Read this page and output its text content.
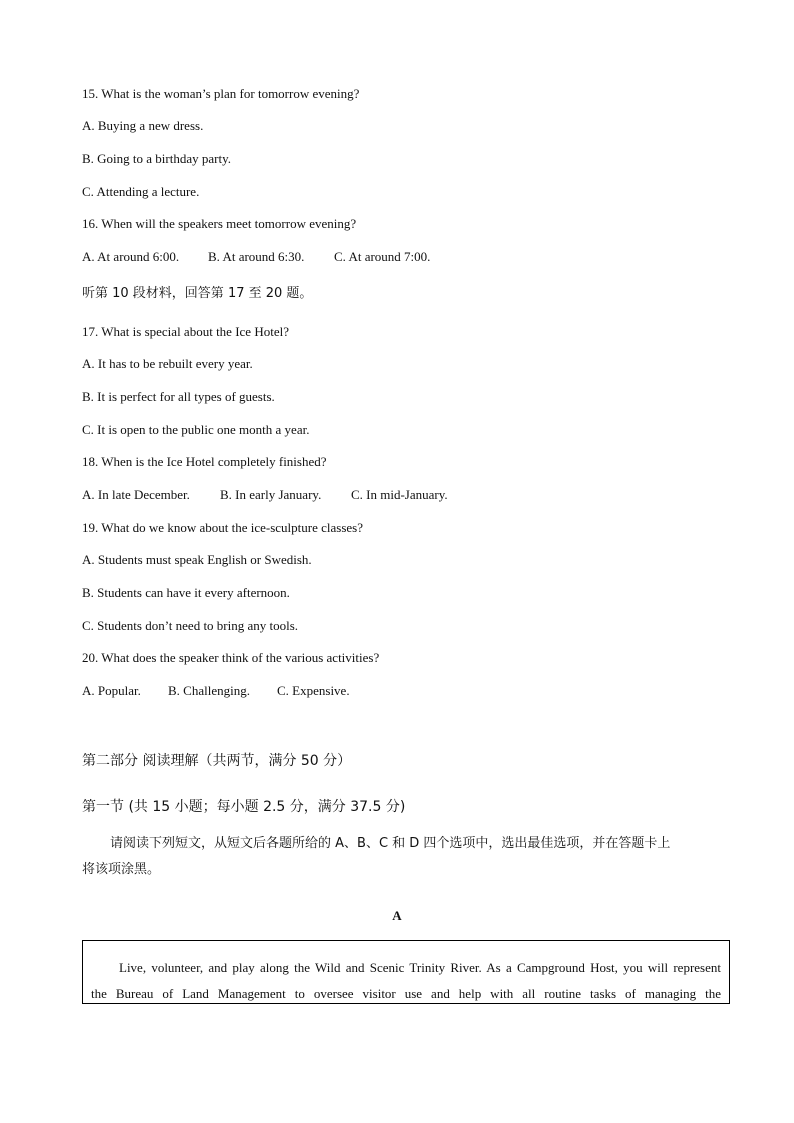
15. What is the woman’s plan for tomorrow evening?
A. Buying a new dress.
B. Going to a birthday party.
C. Attending a lecture.
16. When will the speakers meet tomorrow evening?
A. At around 6:00. B. At around 6:30. C. At around 7:00.
听第 10 段材料，回答第 17 至 20 题。
17. What is special about the Ice Hotel?
A. It has to be rebuilt every year.
B. It is perfect for all types of guests.
C. It is open to the public one month a year.
18. When is the Ice Hotel completely finished?
A. In late December. B. In early January. C. In mid-January.
19. What do we know about the ice-sculpture classes?
A. Students must speak English or Swedish.
B. Students can have it every afternoon.
C. Students don’t need to bring any tools.
20. What does the speaker think of the various activities?
A. Popular. B. Challenging. C. Expensive.
第二部分 阅读理解（共两节，满分 50 分）
第一节 (共 15 小题；每小题 2.5 分，满分 37.5 分)
请阅读下列短文，从短文后各题所给的 A、B、C 和 D 四个选项中，选出最佳选项，并在答题卡上
将该项涂黑。
A

Live, volunteer, and play along the Wild and Scenic Trinity River. As a Campground Host, you will represent

the Bureau of Land Management to oversee visitor use and help with all routine tasks of managing the
